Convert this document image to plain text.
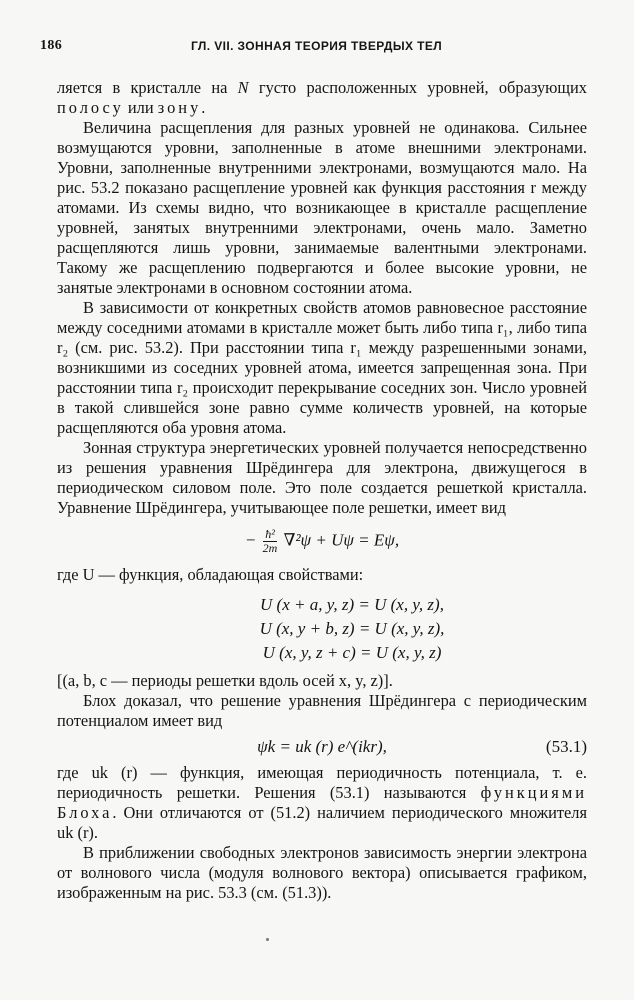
186	ГЛ. VII. ЗОННАЯ ТЕОРИЯ ТВЕРДЫХ ТЕЛ

ляется в кристалле на N густо расположенных уровней, образующих полосу или зону.

Величина расщепления для разных уровней не одинакова. Сильнее возмущаются уровни, заполненные в атоме внешними электронами. Уровни, заполненные внутренними электронами, возмущаются мало. На рис. 53.2 показано расщепление уровней как функция расстояния r между атомами. Из схемы видно, что возникающее в кристалле расщепление уровней, занятых внутренними электронами, очень мало. Заметно расщепляются лишь уровни, занимаемые валентными электронами. Такому же расщеплению подвергаются и более высокие уровни, не занятые электронами в основном состоянии атома.

В зависимости от конкретных свойств атомов равновесное расстояние между соседними атомами в кристалле может быть либо типа r₁, либо типа r₂ (см. рис. 53.2). При расстоянии типа r₁ между разрешенными зонами, возникшими из соседних уровней атома, имеется запрещенная зона. При расстоянии типа r₂ происходит перекрывание соседних зон. Число уровней в такой слившейся зоне равно сумме количеств уровней, на которые расщепляются оба уровня атома.

Зонная структура энергетических уровней получается непосредственно из решения уравнения Шрёдингера для электрона, движущегося в периодическом силовом поле. Это поле создается решеткой кристалла. Уравнение Шрёдингера, учитывающее поле решетки, имеет вид

− $\frac{\text{ħ²}}{2m} \nabla^2\psi + U\psi = E\psi$,

где U — функция, обладающая свойствами:

U (x + a, y, z) = U (x, y, z),
U (x, y + b, z) = U (x, y, z),
U (x, y, z + c) = U (x, y, z)

[(a, b, c — периоды решетки вдоль осей x, y, z)].

Блох доказал, что решение уравнения Шрёдингера с периодическим потенциалом имеет вид

ψk = uk (r) e^(ikr),	(53.1)

где uk (r) — функция, имеющая периодичность потенциала, т. е. периодичность решетки. Решения (53.1) называются функциями Блоха. Они отличаются от (51.2) наличием периодического множителя uk (r).

В приближении свободных электронов зависимость энергии электрона от волнового числа (модуля волнового вектора) описывается графиком, изображенным на рис. 53.3 (см. (51.3)).
